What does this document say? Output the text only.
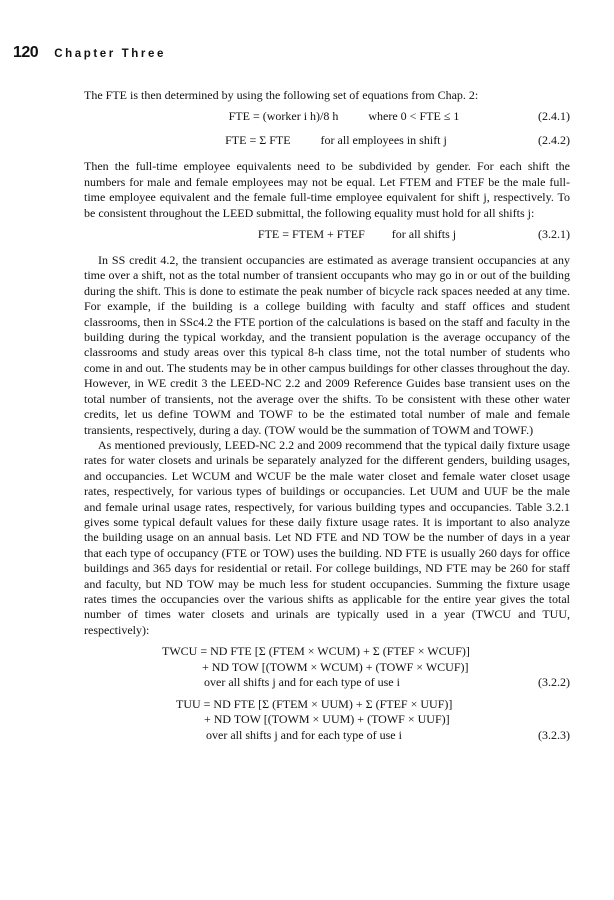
120 Chapter Three

The FTE is then determined by using the following set of equations from Chap. 2:

FTE = (worker i h)/8 h	where 0 < FTE ≤ 1	(2.4.1)
FTE = Σ FTE	for all employees in shift j	(2.4.2)

Then the full-time employee equivalents need to be subdivided by gender. For each shift the numbers for male and female employees may not be equal. Let FTEM and FTEF be the male full-time employee equivalent and the female full-time employee equivalent for shift j, respectively. To be consistent throughout the LEED submittal, the following equality must hold for all shifts j:

FTE = FTEM + FTEF for all shifts j	(3.2.1)

In SS credit 4.2, the transient occupancies are estimated as average transient occupancies at any time over a shift, not as the total number of transient occupants who may go in or out of the building during the shift. This is done to estimate the peak number of bicycle rack spaces needed at any time. For example, if the building is a college building with faculty and staff offices and student classrooms, then in SSc4.2 the FTE portion of the calculations is based on the staff and faculty in the building during the typical workday, and the transient population is the average occupancy of the classrooms and study areas over this typical 8-h class time, not the total number of students who come in and out. The students may be in other campus buildings for other classes throughout the day. However, in WE credit 3 the LEED-NC 2.2 and 2009 Reference Guides base transient uses on the total number of transients, not the average over the shifts. To be consistent with these other water credits, let us define TOWM and TOWF to be the estimated total number of male and female transients, respectively, during a day. (TOW would be the summation of TOWM and TOWF.)

As mentioned previously, LEED-NC 2.2 and 2009 recommend that the typical daily fixture usage rates for water closets and urinals be separately analyzed for the different genders, building usages, and occupancies. Let WCUM and WCUF be the male water closet and female water closet usage rates, respectively, for various types of buildings or occupancies. Let UUM and UUF be the male and female urinal usage rates, respectively, for various building types and occupancies. Table 3.2.1 gives some typical default values for these daily fixture usage rates. It is important to also analyze the building usage on an annual basis. Let ND FTE and ND TOW be the number of days in a year that each type of occupancy (FTE or TOW) uses the building. ND FTE is usually 260 days for office buildings and 365 days for residential or retail. For college buildings, ND FTE may be 260 for staff and faculty, but ND TOW may be much less for student occupancies. Summing the fixture usage rates times the occupancies over the various shifts as applicable for the entire year gives the total number of times water closets and urinals are typically used in a year (TWCU and TUU, respectively):

TWCU = ND FTE [Σ (FTEM × WCUM) + Σ (FTEF × WCUF)]
+ ND TOW [(TOWM × WCUM) + (TOWF × WCUF)]
over all shifts j and for each type of use i	(3.2.2)
TUU = ND FTE [Σ (FTEM × UUM) + Σ (FTEF × UUF)]
+ ND TOW [(TOWM × UUM) + (TOWF × UUF)]
over all shifts j and for each type of use i	(3.2.3)
